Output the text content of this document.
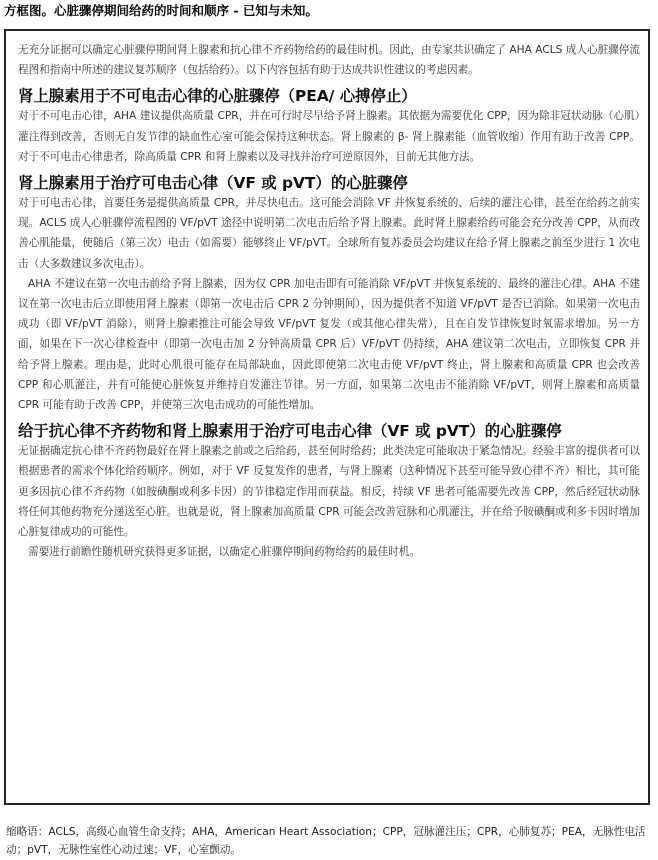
方框图。心脏骤停期间给药的时间和顺序 - 已知与未知。

无充分证据可以确定心脏骤停期间肾上腺素和抗心律不齐药物给药的最佳时机。因此，由专家共识确定了 AHA ACLS 成人心脏骤停流程图和指南中所述的建议复苏顺序（包括给药）。以下内容包括有助于达成共识性建议的考虑因素。

肾上腺素用于不可电击心律的心脏骤停（PEA/ 心搏停止）

对于不可电击心律，AHA 建议提供高质量 CPR，并在可行时尽早给予肾上腺素。其依据为需要优化 CPP，因为除非冠状动脉（心肌）灌注得到改善，否则无自发节律的缺血性心室可能会保持这种状态。肾上腺素的 β- 肾上腺素能（血管收缩）作用有助于改善 CPP。对于不可电击心律患者，除高质量 CPR 和肾上腺素以及寻找并治疗可逆原因外，目前无其他方法。

肾上腺素用于治疗可电击心律（VF 或 pVT）的心脏骤停

对于可电击心律，首要任务是提供高质量 CPR，并尽快电击。这可能会消除 VF 并恢复系统的、后续的灌注心律，甚至在给药之前实现。ACLS 成人心脏骤停流程图的 VF/pVT 途径中说明第二次电击后给予肾上腺素。此时肾上腺素给药可能会充分改善 CPP，从而改善心肌能量，使随后（第三次）电击（如需要）能够终止 VF/pVT。全球所有复苏委员会均建议在给予肾上腺素之前至少进行 1 次电击（大多数建议多次电击）。

AHA 不建议在第一次电击前给予肾上腺素，因为仅 CPR 加电击即有可能消除 VF/pVT 并恢复系统的、最终的灌注心律。AHA 不建议在第一次电击后立即使用肾上腺素（即第一次电击后 CPR 2 分钟期间），因为提供者不知道 VF/pVT 是否已消除。如果第一次电击成功（即 VF/pVT 消除），则肾上腺素推注可能会导致 VF/pVT 复发（或其他心律失常），且在自发节律恢复时氧需求增加。另一方面，如果在下一次心律检查中（即第一次电击加 2 分钟高质量 CPR 后）VF/pVT 仍持续，AHA 建议第二次电击，立即恢复 CPR 并给予肾上腺素。理由是，此时心肌很可能存在局部缺血，因此即使第二次电击使 VF/pVT 终止，肾上腺素和高质量 CPR 也会改善 CPP 和心肌灌注，并有可能使心脏恢复并维持自发灌注节律。另一方面，如果第二次电击不能消除 VF/pVT，则肾上腺素和高质量 CPR 可能有助于改善 CPP，并使第三次电击成功的可能性增加。

给于抗心律不齐药物和肾上腺素用于治疗可电击心律（VF 或 pVT）的心脏骤停

无证据确定抗心律不齐药物最好在肾上腺素之前或之后给药，甚至何时给药；此类决定可能取决于紧急情况。经验丰富的提供者可以根据患者的需求个体化给药顺序。例如，对于 VF 反复发作的患者，与肾上腺素（这种情况下甚至可能导致心律不齐）相比，其可能更多因抗心律不齐药物（如胺碘酮或利多卡因）的节律稳定作用而获益。相反，持续 VF 患者可能需要先改善 CPP，然后经冠状动脉将任何其他药物充分递送至心脏。也就是说，肾上腺素加高质量 CPR 可能会改善冠脉和心肌灌注，并在给予胺碘酮或利多卡因时增加心脏复律成功的可能性。

需要进行前瞻性随机研究获得更多证据，以确定心脏骤停期间药物给药的最佳时机。

缩略语：ACLS，高级心血管生命支持；AHA，American Heart Association；CPP，冠脉灌注压；CPR，心肺复苏；PEA，无脉性电活动；pVT，无脉性室性心动过速；VF，心室颤动。
